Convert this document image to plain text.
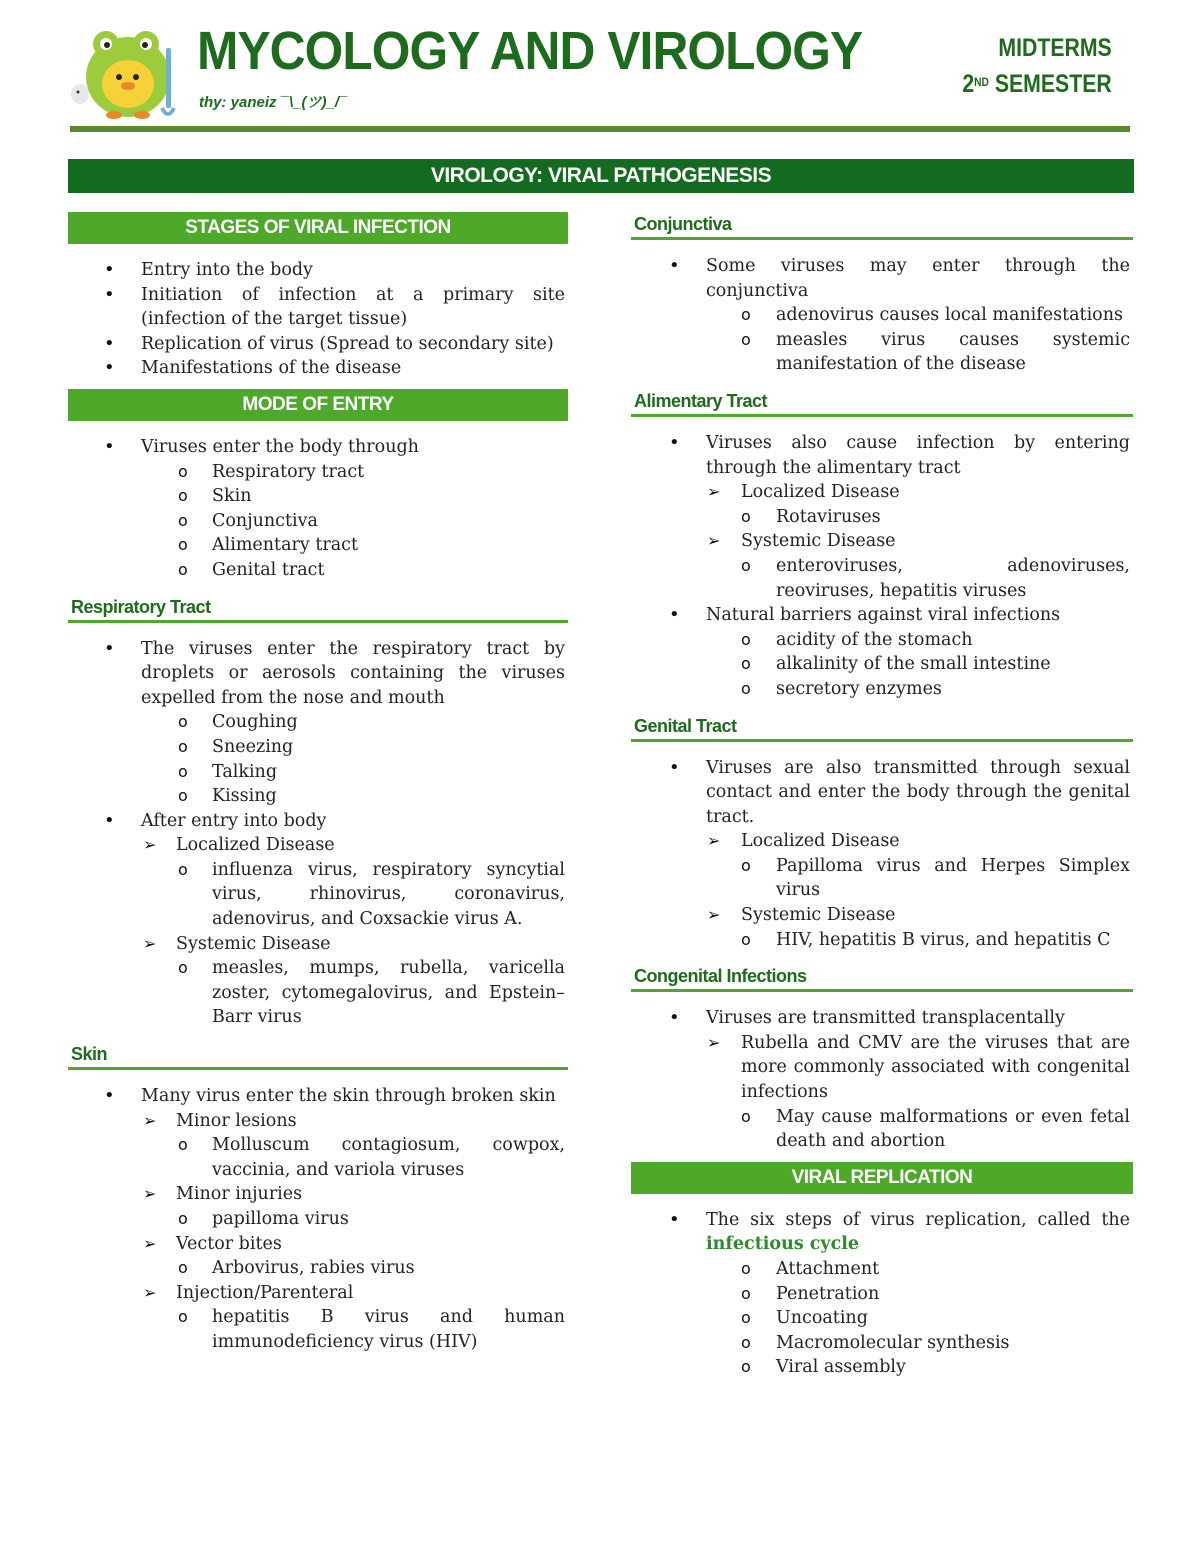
MYCOLOGY AND VIROLOGY
thy: yaneiz ¯\_(ツ)_/¯
MIDTERMS
2ND SEMESTER
VIROLOGY: VIRAL PATHOGENESIS
STAGES OF VIRAL INFECTION
• Entry into the body
• Initiation of infection at a primary site (infection of the target tissue)
• Replication of virus (Spread to secondary site)
• Manifestations of the disease
MODE OF ENTRY
• Viruses enter the body through
o Respiratory tract
o Skin
o Conjunctiva
o Alimentary tract
o Genital tract
Respiratory Tract
• The viruses enter the respiratory tract by droplets or aerosols containing the viruses expelled from the nose and mouth
o Coughing
o Sneezing
o Talking
o Kissing
• After entry into body
➢ Localized Disease
o influenza virus, respiratory syncytial virus, rhinovirus, coronavirus, adenovirus, and Coxsackie virus A.
➢ Systemic Disease
o measles, mumps, rubella, varicella zoster, cytomegalovirus, and Epstein–Barr virus
Skin
• Many virus enter the skin through broken skin
➢ Minor lesions
o Molluscum contagiosum, cowpox, vaccinia, and variola viruses
➢ Minor injuries
o papilloma virus
➢ Vector bites
o Arbovirus, rabies virus
➢ Injection/Parenteral
o hepatitis B virus and human immunodeficiency virus (HIV)
Conjunctiva
• Some viruses may enter through the conjunctiva
o adenovirus causes local manifestations
o measles virus causes systemic manifestation of the disease
Alimentary Tract
• Viruses also cause infection by entering through the alimentary tract
➢ Localized Disease
o Rotaviruses
➢ Systemic Disease
o enteroviruses, adenoviruses, reoviruses, hepatitis viruses
• Natural barriers against viral infections
o acidity of the stomach
o alkalinity of the small intestine
o secretory enzymes
Genital Tract
• Viruses are also transmitted through sexual contact and enter the body through the genital tract.
➢ Localized Disease
o Papilloma virus and Herpes Simplex virus
➢ Systemic Disease
o HIV, hepatitis B virus, and hepatitis C
Congenital Infections
• Viruses are transmitted transplacentally
➢ Rubella and CMV are the viruses that are more commonly associated with congenital infections
o May cause malformations or even fetal death and abortion
VIRAL REPLICATION
• The six steps of virus replication, called the infectious cycle
o Attachment
o Penetration
o Uncoating
o Macromolecular synthesis
o Viral assembly
